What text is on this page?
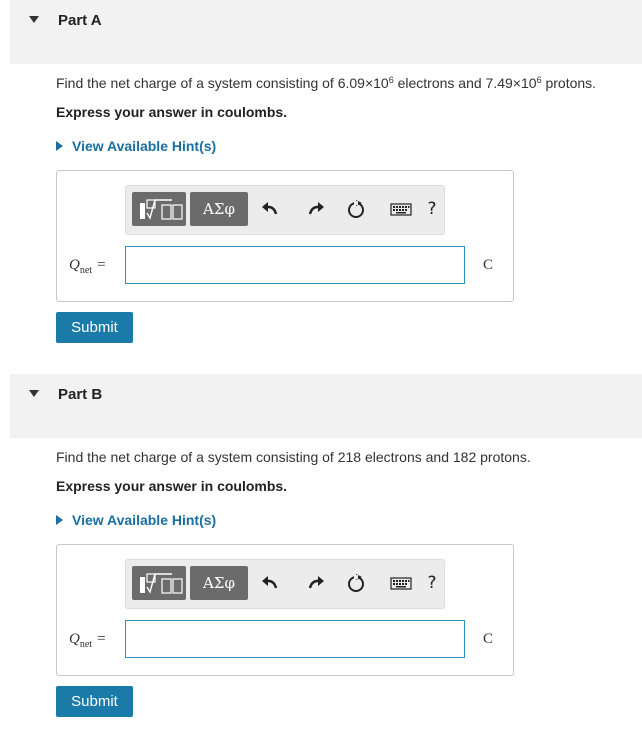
Part A
Find the net charge of a system consisting of $6.09\times 10^6$ electrons and $7.49\times 10^6$ protons.
Express your answer in coulombs.
View Available Hint(s)
ΑΣφ	?
$Q_{net}$ =	C
Submit
Part B
Find the net charge of a system consisting of 218 electrons and 182 protons.
Express your answer in coulombs.
View Available Hint(s)
ΑΣφ	?
$Q_{net}$ =	C
Submit
